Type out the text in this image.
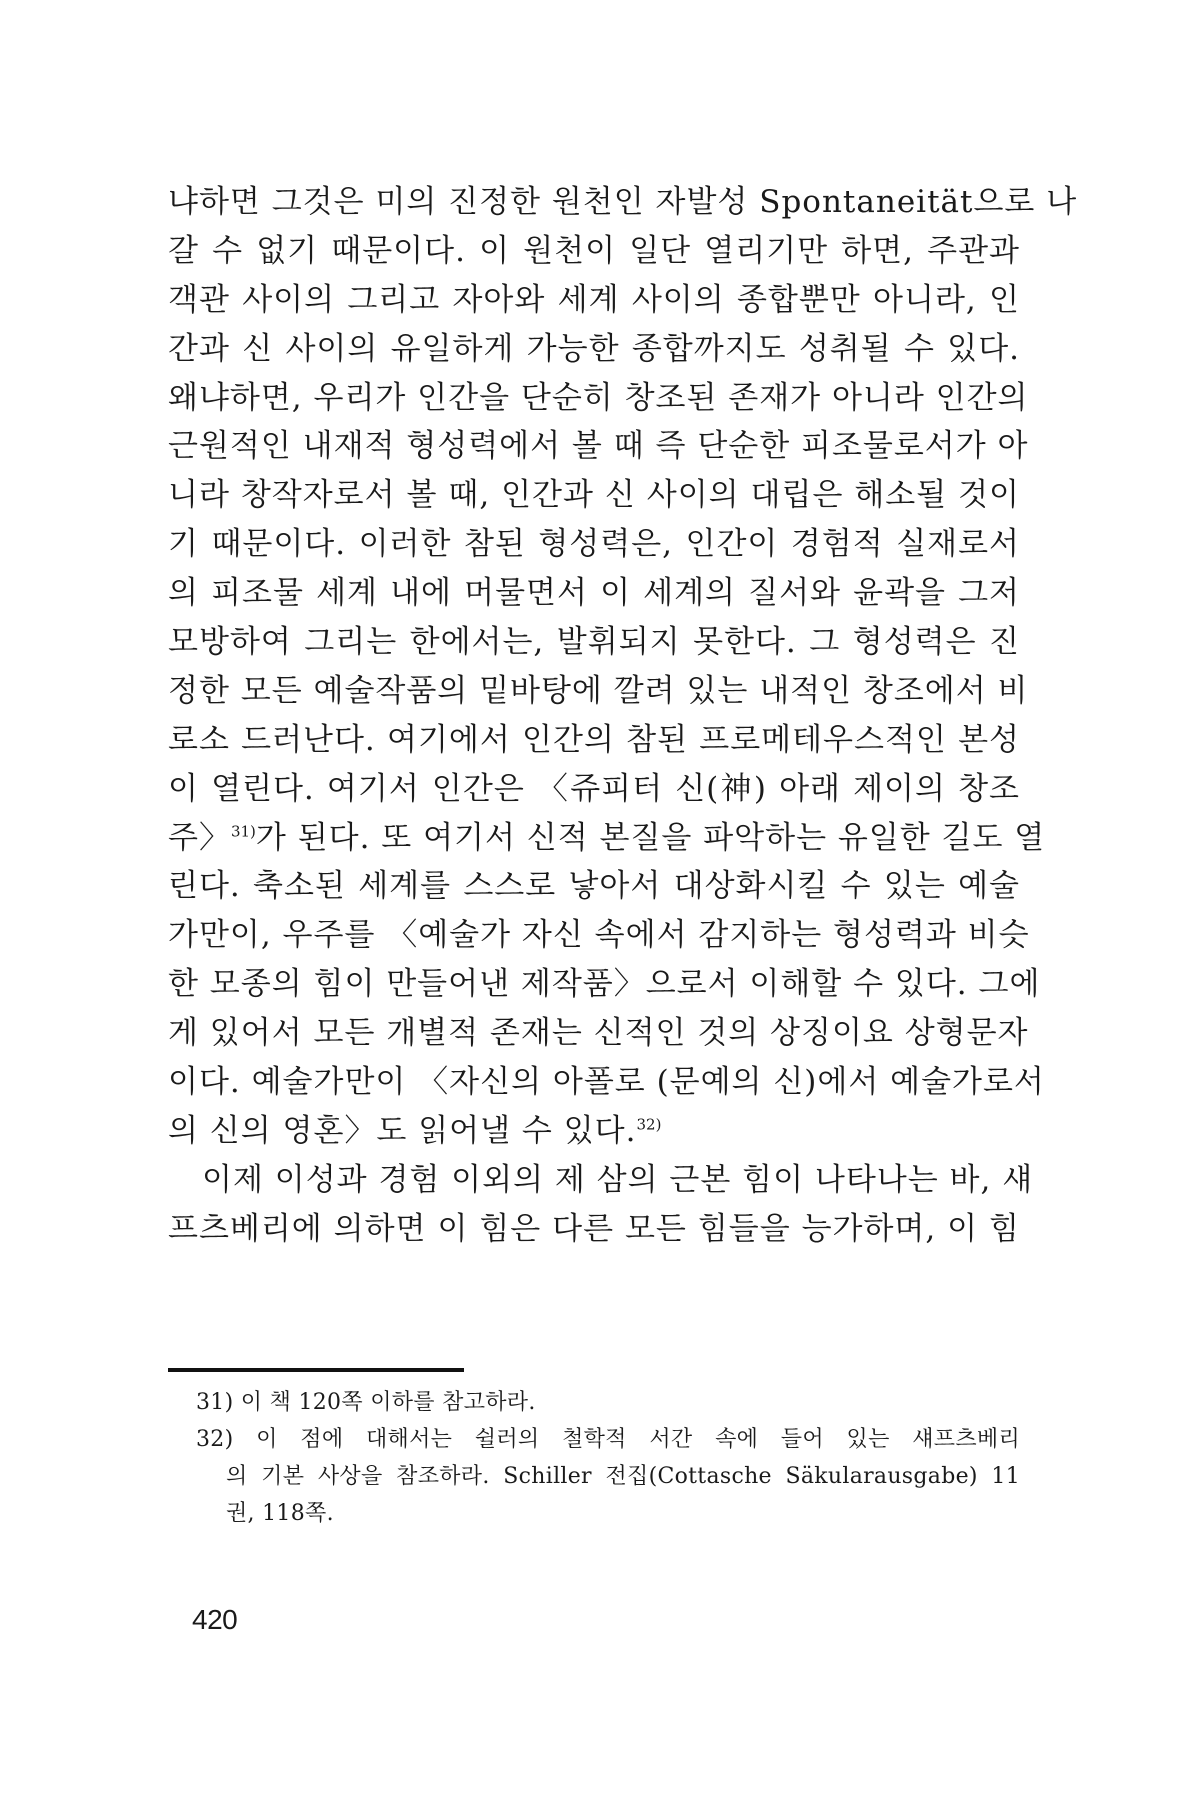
냐하면 그것은 미의 진정한 원천인 자발성 Spontaneität으로 나
갈 수 없기 때문이다. 이 원천이 일단 열리기만 하면, 주관과
객관 사이의 그리고 자아와 세계 사이의 종합뿐만 아니라, 인
간과 신 사이의 유일하게 가능한 종합까지도 성취될 수 있다.
왜냐하면, 우리가 인간을 단순히 창조된 존재가 아니라 인간의
근원적인 내재적 형성력에서 볼 때 즉 단순한 피조물로서가 아
니라 창작자로서 볼 때, 인간과 신 사이의 대립은 해소될 것이
기 때문이다. 이러한 참된 형성력은, 인간이 경험적 실재로서
의 피조물 세계 내에 머물면서 이 세계의 질서와 윤곽을 그저
모방하여 그리는 한에서는, 발휘되지 못한다. 그 형성력은 진
정한 모든 예술작품의 밑바탕에 깔려 있는 내적인 창조에서 비
로소 드러난다. 여기에서 인간의 참된 프로메테우스적인 본성
이 열린다. 여기서 인간은 〈쥬피터 신(神) 아래 제이의 창조
주〉$^{31)}$가 된다. 또 여기서 신적 본질을 파악하는 유일한 길도 열
린다. 축소된 세계를 스스로 낳아서 대상화시킬 수 있는 예술
가만이, 우주를 〈예술가 자신 속에서 감지하는 형성력과 비슷
한 모종의 힘이 만들어낸 제작품〉으로서 이해할 수 있다. 그에
게 있어서 모든 개별적 존재는 신적인 것의 상징이요 상형문자
이다. 예술가만이 〈자신의 아폴로 (문예의 신)에서 예술가로서
의 신의 영혼〉도 읽어낼 수 있다.$^{32)}$
이제 이성과 경험 이외의 제 삼의 근본 힘이 나타나는 바, 섀
프츠베리에 의하면 이 힘은 다른 모든 힘들을 능가하며, 이 힘
31) 이 책 120쪽 이하를 참고하라.
32) 이 점에 대해서는 쉴러의 철학적 서간 속에 들어 있는 섀프츠베리
의 기본 사상을 참조하라. Schiller 전집(Cottasche Säkularausgabe) 11
권, 118쪽.
420
